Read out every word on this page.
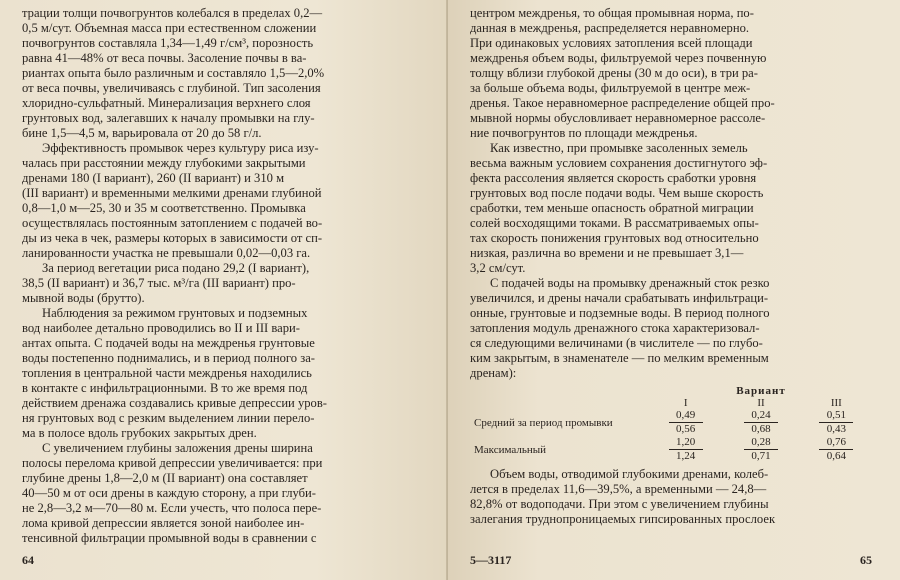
трации толщи почвогрунтов колебался в пределах 0,2—
0,5 м/сут. Объемная масса при естественном сложении
почвогрунтов составляла 1,34—1,49 г/см³, порозность
равна 41—48% от веса почвы. Засоление почвы в ва-
риантах опыта было различным и составляло 1,5—2,0%
от веса почвы, увеличиваясь с глубиной. Тип засоления
хлоридно-сульфатный. Минерализация верхнего слоя
грунтовых вод, залегавших к началу промывки на глу-
бине 1,5—4,5 м, варьировала от 20 до 58 г/л.

Эффективность промывок через культуру риса изу-
чалась при расстоянии между глубокими закрытыми
дренами 180 (I вариант), 260 (II вариант) и 310 м
(III вариант) и временными мелкими дренами глубиной
0,8—1,0 м—25, 30 и 35 м соответственно. Промывка
осуществлялась постоянным затоплением с подачей во-
ды из чека в чек, размеры которых в зависимости от сп-
ланированности участка не превышали 0,02—0,03 га.

За период вегетации риса подано 29,2 (I вариант),
38,5 (II вариант) и 36,7 тыс. м³/га (III вариант) про-
мывной воды (брутто).

Наблюдения за режимом грунтовых и подземных
вод наиболее детально проводились во II и III вари-
антах опыта. С подачей воды на междренья грунтовые
воды постепенно поднимались, и в период полного за-
топления в центральной части междренья находились
в контакте с инфильтрационными. В то же время под
действием дренажа создавались кривые депрессии уров-
ня грунтовых вод с резким выделением линии перело-
ма в полосе вдоль грубоких закрытых дрен.

С увеличением глубины заложения дрены ширина
полосы перелома кривой депрессии увеличивается: при
глубине дрены 1,8—2,0 м (II вариант) она составляет
40—50 м от оси дрены в каждую сторону, а при глуби-
не 2,8—3,2 м—70—80 м. Если учесть, что полоса пере-
лома кривой депрессии является зоной наиболее ин-
тенсивной фильтрации промывной воды в сравнении с

64

центром междренья, то общая промывная норма, по-
данная в междренья, распределяется неравномерно.
При одинаковых условиях затопления всей площади
междренья объем воды, фильтруемой через почвенную
толщу вблизи глубокой дрены (30 м до оси), в три ра-
за больше объема воды, фильтруемой в центре меж-
дренья. Такое неравномерное распределение общей про-
мывной нормы обусловливает неравномерное рассоле-
ние почвогрунтов по площади междренья.

Как известно, при промывке засоленных земель
весьма важным условием сохранения достигнутого эф-
фекта рассоления является скорость сработки уровня
грунтовых вод после подачи воды. Чем выше скорость
сработки, тем меньше опасность обратной миграции
солей восходящими токами. В рассматриваемых опы-
тах скорость понижения грунтовых вод относительно
низкая, различна во времени и не превышает 3,1—
3,2 см/сут.

С подачей воды на промывку дренажный сток резко
увеличился, и дрены начали срабатывать инфильтраци-
онные, грунтовые и подземные воды. В период полного
затопления модуль дренажного стока характеризовал-
ся следующими величинами (в числителе — по глубо-
ким закрытым, в знаменателе — по мелким временным
дренам):

	Вариант		
	I	II	III
Средний за период промывки	$\frac{0,49}{0,56}$	$\frac{0,24}{0,68}$	$\frac{0,51}{0,43}$

Максимальный	$\frac{1,20}{1,24}$	$\frac{0,28}{0,71}$	$\frac{0,76}{0,64}$

Объем воды, отводимой глубокими дренами, колеб-
лется в пределах 11,6—39,5%, а временными — 24,8—
82,8% от водоподачи. При этом с увеличением глубины
залегания труднопроницаемых гипсированных прослоек

5—3117	65
